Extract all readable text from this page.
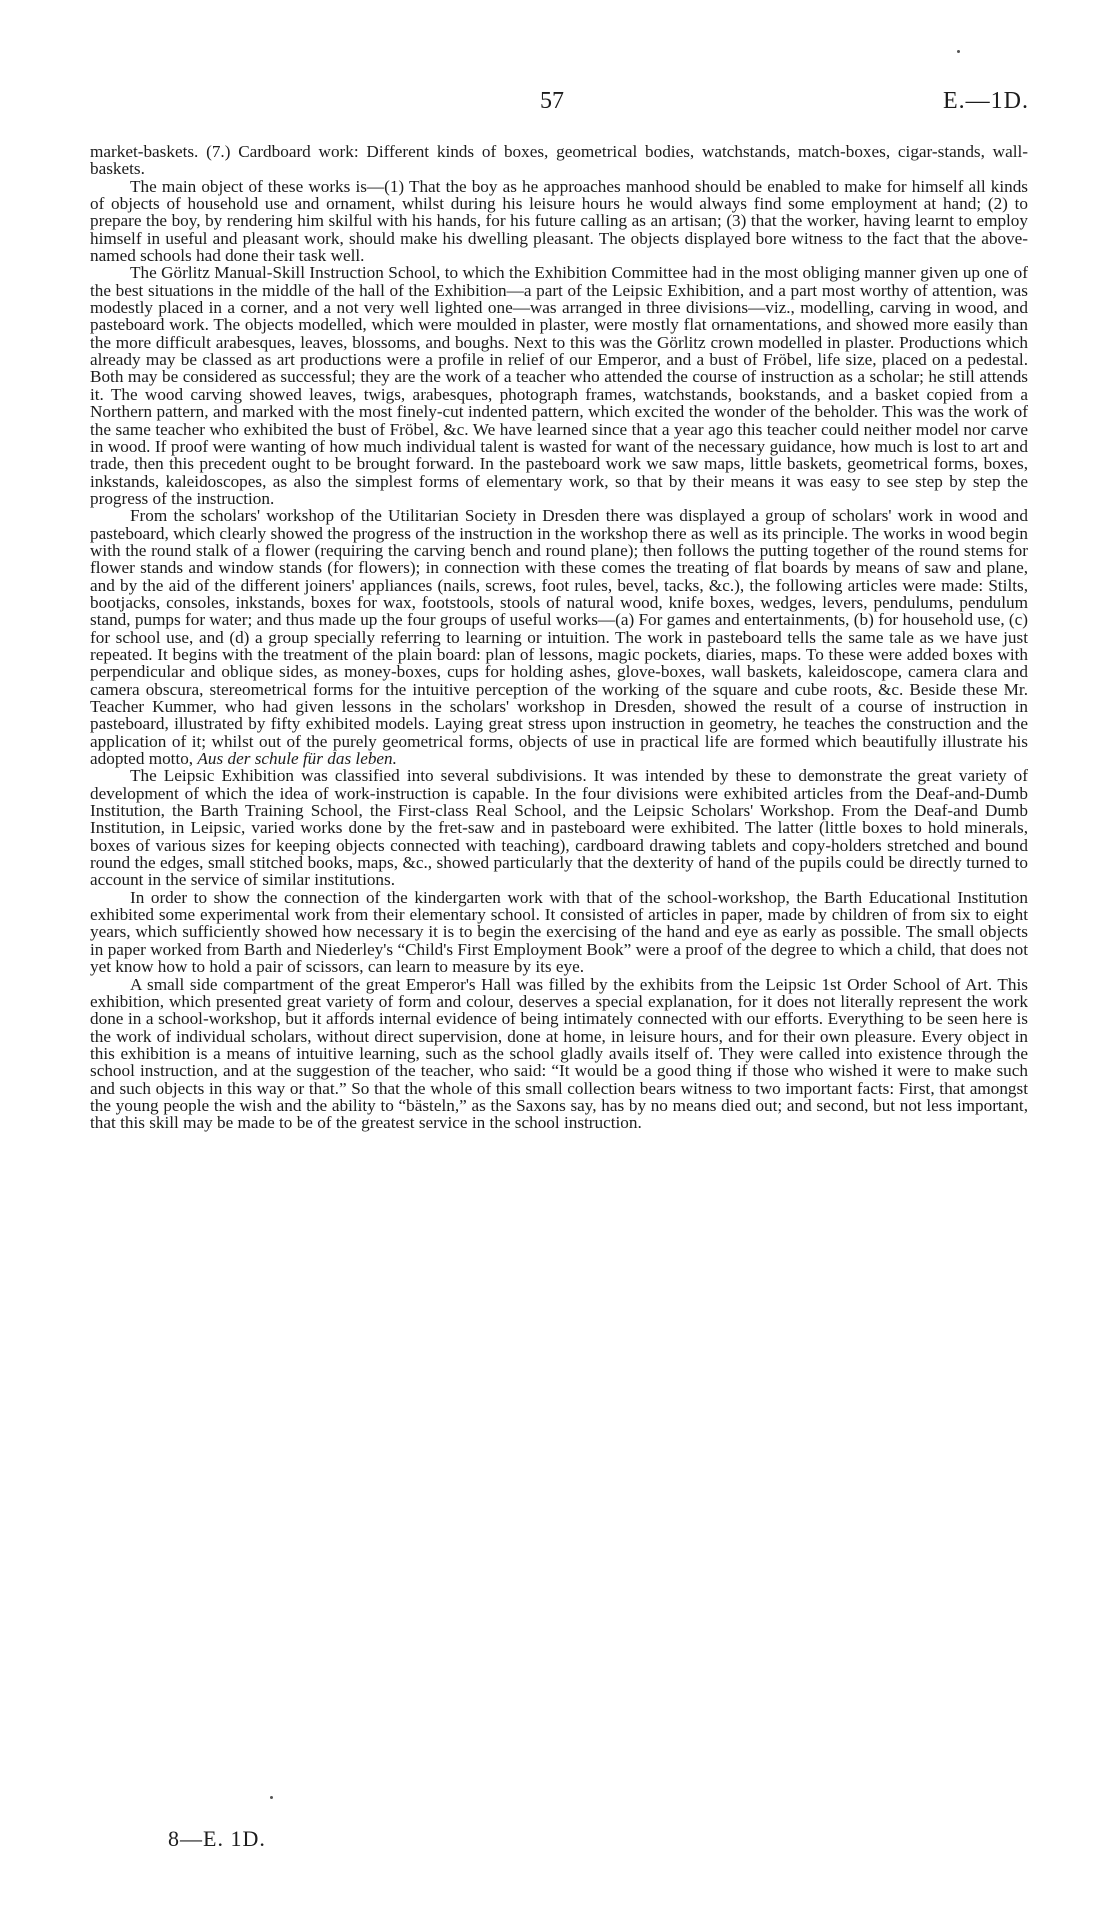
57	E.—1D.

market-baskets. (7.) Cardboard work: Different kinds of boxes, geometrical bodies, watchstands, match-boxes, cigar-stands, wall-baskets.

The main object of these works is—(1) That the boy as he approaches manhood should be enabled to make for himself all kinds of objects of household use and ornament, whilst during his leisure hours he would always find some employment at hand; (2) to prepare the boy, by rendering him skilful with his hands, for his future calling as an artisan; (3) that the worker, having learnt to employ himself in useful and pleasant work, should make his dwelling pleasant. The objects displayed bore witness to the fact that the above-named schools had done their task well.

The Görlitz Manual-Skill Instruction School, to which the Exhibition Committee had in the most obliging manner given up one of the best situations in the middle of the hall of the Exhibition—a part of the Leipsic Exhibition, and a part most worthy of attention, was modestly placed in a corner, and a not very well lighted one—was arranged in three divisions—viz., modelling, carving in wood, and pasteboard work. The objects modelled, which were moulded in plaster, were mostly flat ornamentations, and showed more easily than the more difficult arabesques, leaves, blossoms, and boughs. Next to this was the Görlitz crown modelled in plaster. Productions which already may be classed as art productions were a profile in relief of our Emperor, and a bust of Fröbel, life size, placed on a pedestal. Both may be considered as successful; they are the work of a teacher who attended the course of instruction as a scholar; he still attends it. The wood carving showed leaves, twigs, arabesques, photograph frames, watchstands, bookstands, and a basket copied from a Northern pattern, and marked with the most finely-cut indented pattern, which excited the wonder of the beholder. This was the work of the same teacher who exhibited the bust of Fröbel, &c. We have learned since that a year ago this teacher could neither model nor carve in wood. If proof were wanting of how much individual talent is wasted for want of the necessary guidance, how much is lost to art and trade, then this precedent ought to be brought forward. In the pasteboard work we saw maps, little baskets, geometrical forms, boxes, inkstands, kaleidoscopes, as also the simplest forms of elementary work, so that by their means it was easy to see step by step the progress of the instruction.

From the scholars' workshop of the Utilitarian Society in Dresden there was displayed a group of scholars' work in wood and pasteboard, which clearly showed the progress of the instruction in the workshop there as well as its principle. The works in wood begin with the round stalk of a flower (requiring the carving bench and round plane); then follows the putting together of the round stems for flower stands and window stands (for flowers); in connection with these comes the treating of flat boards by means of saw and plane, and by the aid of the different joiners' appliances (nails, screws, foot rules, bevel, tacks, &c.), the following articles were made: Stilts, bootjacks, consoles, inkstands, boxes for wax, footstools, stools of natural wood, knife boxes, wedges, levers, pendulums, pendulum stand, pumps for water; and thus made up the four groups of useful works—(a) For games and entertainments, (b) for household use, (c) for school use, and (d) a group specially referring to learning or intuition. The work in pasteboard tells the same tale as we have just repeated. It begins with the treatment of the plain board: plan of lessons, magic pockets, diaries, maps. To these were added boxes with perpendicular and oblique sides, as money-boxes, cups for holding ashes, glove-boxes, wall baskets, kaleidoscope, camera clara and camera obscura, stereometrical forms for the intuitive perception of the working of the square and cube roots, &c. Beside these Mr. Teacher Kummer, who had given lessons in the scholars' workshop in Dresden, showed the result of a course of instruction in pasteboard, illustrated by fifty exhibited models. Laying great stress upon instruction in geometry, he teaches the construction and the application of it; whilst out of the purely geometrical forms, objects of use in practical life are formed which beautifully illustrate his adopted motto, Aus der schule für das leben.

The Leipsic Exhibition was classified into several subdivisions. It was intended by these to demonstrate the great variety of development of which the idea of work-instruction is capable. In the four divisions were exhibited articles from the Deaf-and-Dumb Institution, the Barth Training School, the First-class Real School, and the Leipsic Scholars' Workshop. From the Deaf-and Dumb Institution, in Leipsic, varied works done by the fret-saw and in pasteboard were exhibited. The latter (little boxes to hold minerals, boxes of various sizes for keeping objects connected with teaching), cardboard drawing tablets and copy-holders stretched and bound round the edges, small stitched books, maps, &c., showed particularly that the dexterity of hand of the pupils could be directly turned to account in the service of similar institutions.

In order to show the connection of the kindergarten work with that of the school-workshop, the Barth Educational Institution exhibited some experimental work from their elementary school. It consisted of articles in paper, made by children of from six to eight years, which sufficiently showed how necessary it is to begin the exercising of the hand and eye as early as possible. The small objects in paper worked from Barth and Niederley's “Child's First Employment Book” were a proof of the degree to which a child, that does not yet know how to hold a pair of scissors, can learn to measure by its eye.

A small side compartment of the great Emperor's Hall was filled by the exhibits from the Leipsic 1st Order School of Art. This exhibition, which presented great variety of form and colour, deserves a special explanation, for it does not literally represent the work done in a school-workshop, but it affords internal evidence of being intimately connected with our efforts. Everything to be seen here is the work of individual scholars, without direct supervision, done at home, in leisure hours, and for their own pleasure. Every object in this exhibition is a means of intuitive learning, such as the school gladly avails itself of. They were called into existence through the school instruction, and at the suggestion of the teacher, who said: “It would be a good thing if those who wished it were to make such and such objects in this way or that.” So that the whole of this small collection bears witness to two important facts: First, that amongst the young people the wish and the ability to “bästeln,” as the Saxons say, has by no means died out; and second, but not less important, that this skill may be made to be of the greatest service in the school instruction.

8—E. 1D.
